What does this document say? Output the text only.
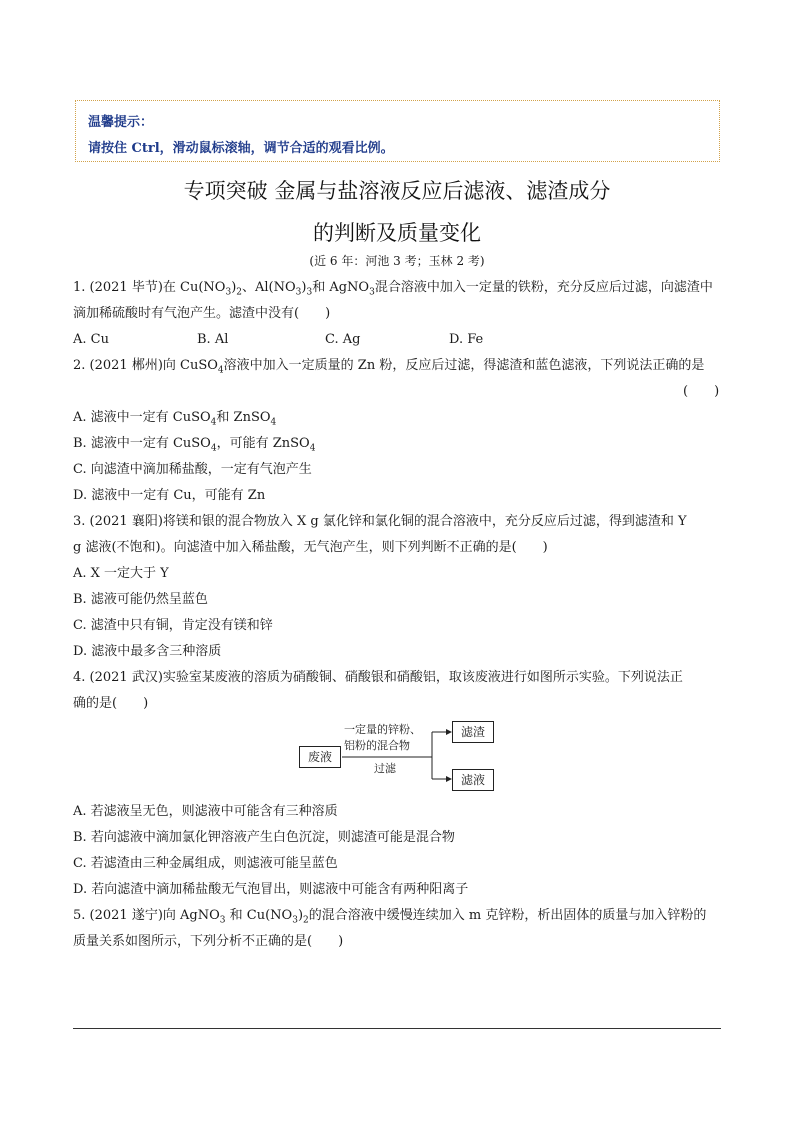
温馨提示：
请按住 Ctrl，滑动鼠标滚轴，调节合适的观看比例。
专项突破 金属与盐溶液反应后滤液、滤渣成分
的判断及质量变化
(近 6 年：河池 3 考；玉林 2 考)
1. (2021 毕节)在 $Cu(NO_3)_2$、$Al(NO_3)_3$和 AgNO$_3$混合溶液中加入一定量的铁粉，充分反应后过滤，向滤渣中
滴加稀硫酸时有气泡产生。滤渣中没有(　　)
A. Cu	B. Al	C. Ag	D. Fe
2. (2021 郴州)向 CuSO$_4$溶液中加入一定质量的 Zn 粉，反应后过滤，得滤渣和蓝色滤液，下列说法正确的是
(　　)
A. 滤液中一定有 CuSO$_4$和 ZnSO$_4$
B. 滤液中一定有 CuSO$_4$，可能有 ZnSO$_4$
C. 向滤渣中滴加稀盐酸，一定有气泡产生
D. 滤液中一定有 Cu，可能有 Zn
3. (2021 襄阳)将镁和银的混合物放入 X g 氯化锌和氯化铜的混合溶液中，充分反应后过滤，得到滤渣和 Y
g 滤液(不饱和)。向滤渣中加入稀盐酸，无气泡产生，则下列判断不正确的是(　　)
A. X 一定大于 Y
B. 滤液可能仍然呈蓝色
C. 滤渣中只有铜，肯定没有镁和锌
D. 滤液中最多含三种溶质
4. (2021 武汉)实验室某废液的溶质为硝酸铜、硝酸银和硝酸铝，取该废液进行如图所示实验。下列说法正
确的是(　　)
废液
一定量的锌粉、
铝粉的混合物
过滤
滤渣
滤液
A. 若滤液呈无色，则滤液中可能含有三种溶质
B. 若向滤液中滴加氯化钾溶液产生白色沉淀，则滤渣可能是混合物
C. 若滤渣由三种金属组成，则滤液可能呈蓝色
D. 若向滤渣中滴加稀盐酸无气泡冒出，则滤液中可能含有两种阳离子
5. (2021 遂宁)向 AgNO$_3$ 和 $Cu(NO_3)_2$的混合溶液中缓慢连续加入 m 克锌粉，析出固体的质量与加入锌粉的
质量关系如图所示，下列分析不正确的是(　　)
